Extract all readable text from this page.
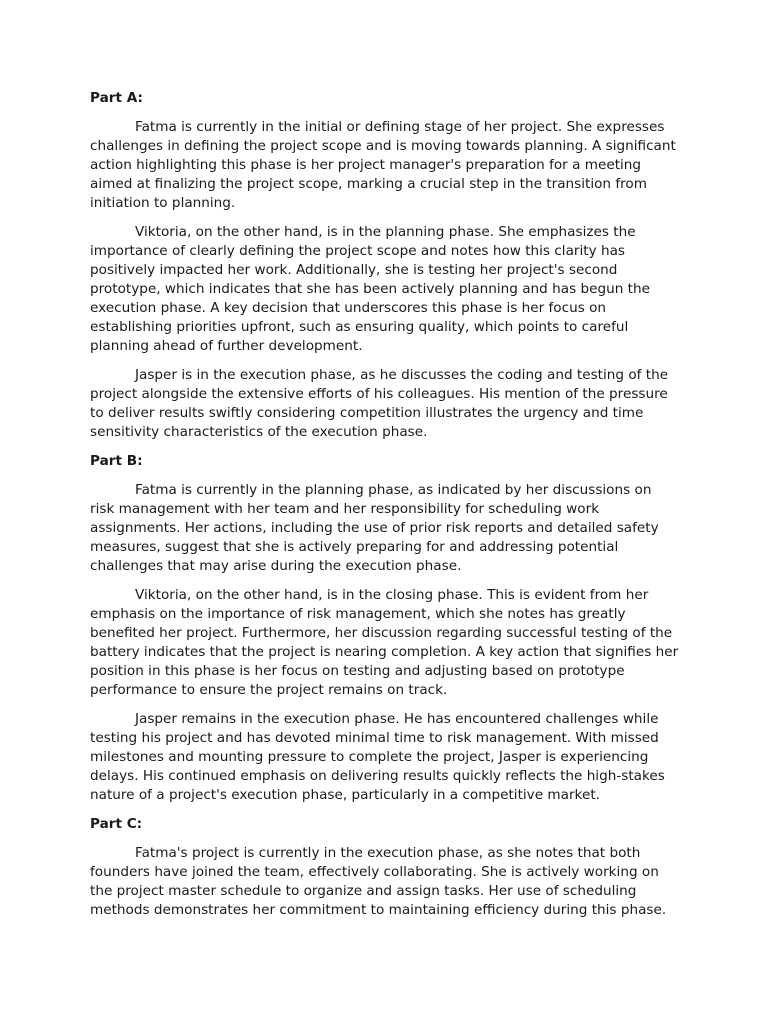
Part A:

Fatma is currently in the initial or defining stage of her project. She expresses challenges in defining the project scope and is moving towards planning. A significant action highlighting this phase is her project manager's preparation for a meeting aimed at finalizing the project scope, marking a crucial step in the transition from initiation to planning.

Viktoria, on the other hand, is in the planning phase. She emphasizes the importance of clearly defining the project scope and notes how this clarity has positively impacted her work. Additionally, she is testing her project's second prototype, which indicates that she has been actively planning and has begun the execution phase. A key decision that underscores this phase is her focus on establishing priorities upfront, such as ensuring quality, which points to careful planning ahead of further development.

Jasper is in the execution phase, as he discusses the coding and testing of the project alongside the extensive efforts of his colleagues. His mention of the pressure to deliver results swiftly considering competition illustrates the urgency and time sensitivity characteristics of the execution phase.

Part B:

Fatma is currently in the planning phase, as indicated by her discussions on risk management with her team and her responsibility for scheduling work assignments. Her actions, including the use of prior risk reports and detailed safety measures, suggest that she is actively preparing for and addressing potential challenges that may arise during the execution phase.

Viktoria, on the other hand, is in the closing phase. This is evident from her emphasis on the importance of risk management, which she notes has greatly benefited her project. Furthermore, her discussion regarding successful testing of the battery indicates that the project is nearing completion. A key action that signifies her position in this phase is her focus on testing and adjusting based on prototype performance to ensure the project remains on track.

Jasper remains in the execution phase. He has encountered challenges while testing his project and has devoted minimal time to risk management. With missed milestones and mounting pressure to complete the project, Jasper is experiencing delays. His continued emphasis on delivering results quickly reflects the high-stakes nature of a project's execution phase, particularly in a competitive market.

Part C:

Fatma's project is currently in the execution phase, as she notes that both founders have joined the team, effectively collaborating. She is actively working on the project master schedule to organize and assign tasks. Her use of scheduling methods demonstrates her commitment to maintaining efficiency during this phase.
